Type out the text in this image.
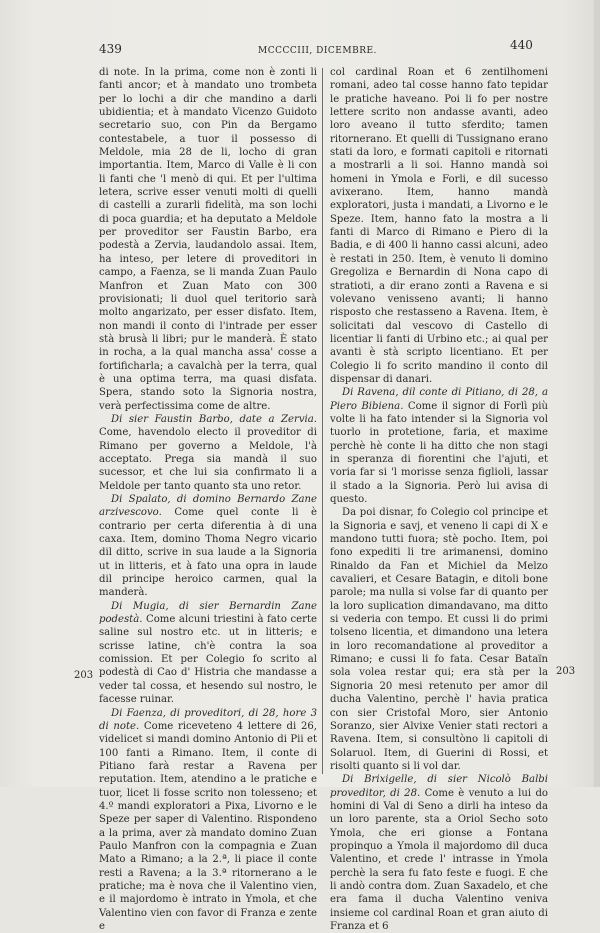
439	MCCCCIII, DICEMBRE.	440

di note. In la prima, come non è zonti li fanti ancor; et à mandato uno trombeta per lo lochi a dir che mandino a darli ubidientia; et à mandato Vicenzo Guidoto secretario suo, con Pin da Bergamo contestabele, a tuor il possesso di Meldole, mia 28 de li, locho di gran importantia. Item, Marco di Valle è li con li fanti che 'l menò di qui. Et per l'ultima letera, scrive esser venuti molti di quelli di castelli a zurarli fidelità, ma son lochi di poca guardia; et ha deputato a Meldole per proveditor ser Faustin Barbo, era podestà a Zervia, laudandolo assai. Item, ha inteso, per letere di proveditori in campo, a Faenza, se li manda Zuan Paulo Manfron et Zuan Mato con 300 provisionati; li duol quel teritorio sarà molto angarizato, per esser disfato. Item, non mandi il conto di l'intrade per esser stà brusà li libri; pur le manderà. È stato in rocha, a la qual mancha assa' cosse a fortificharla; a cavalchà per la terra, qual è una optima terra, ma quasi disfata. Spera, stando soto la Signoria nostra, verà perfectissima come de altre.

Di sier Faustin Barbo, date a Zervia. Come, havendolo electo il proveditor di Rimano per governo a Meldole, l'à acceptato. Prega sia mandà il suo sucessor, et che lui sia confirmato li a Meldole per tanto quanto sta uno retor.

Di Spalato, di domino Bernardo Zane arzivescovo. Come quel conte li è contrario per certa diferentia à di una caxa. Item, domino Thoma Negro vicario dil ditto, scrive in sua laude a la Signoria ut in litteris, et à fato una opra in laude dil principe heroico carmen, qual la manderà.

Di Mugia, di sier Bernardin Zane podestà. Come alcuni triestini à fato certe saline sul nostro etc. ut in litteris; e scrisse latine, ch'è contra la soa comission. Et per Colegio fo scrito al podestà di Cao d' Histria che mandasse a veder tal cossa, et hesendo sul nostro, le facesse ruinar.

Di Faenza, di proveditori, di 28, hore 3 di note. Come riceveteno 4 lettere di 26, videlicet si mandi domino Antonio di Pii et 100 fanti a Rimano. Item, il conte di Pitiano farà restar a Ravena per reputation. Item, atendino a le pratiche e tuor, licet li fosse scrito non tolesseno; et 4.º mandi exploratori a Pixa, Livorno e le Speze per saper di Valentino. Rispondeno a la prima, aver zà mandato domino Zuan Paulo Manfron con la compagnia e Zuan Mato a Rimano; a la 2.ª, li piace il conte resti a Ravena; a la 3.ª ritornerano a le pratiche; ma è nova che il Valentino vien, e il majordomo è intrato in Ymola, et che Valentino vien con favor di Franza e zente e

col cardinal Roan et 6 zentilhomeni romani, adeo tal cosse hanno fato tepidar le pratiche haveano. Poi li fo per nostre lettere scrito non andasse avanti, adeo loro aveano il tutto sferdito; tamen ritornerano. Et quelli di Tussignano erano stati da loro, e formati capitoli e ritornati a mostrarli a li soi. Hanno mandà soi homeni in Ymola e Forli, e dil sucesso avixerano. Item, hanno mandà exploratori, justa i mandati, a Livorno e le Speze. Item, hanno fato la mostra a li fanti di Marco di Rimano e Piero di la Badia, e di 400 li hanno cassi alcuni, adeo è restati in 250. Item, è venuto li domino Gregoliza e Bernardin di Nona capo di stratioti, a dir erano zonti a Ravena e si volevano venisseno avanti; li hanno risposto che restasseno a Ravena. Item, è solicitati dal vescovo di Castello di licentiar li fanti di Urbino etc.; ai qual per avanti è stà scripto licentiano. Et per Colegio li fo scrito mandino il conto dil dispensar di danari.

Di Ravena, dil conte di Pitiano, di 28, a Piero Bibiena. Come il signor di Forlì più volte li ha fato intender si la Signoria vol tuorlo in protetione, faria, et maxime perchè hè conte li ha ditto che non stagi in speranza di fiorentini che l'ajuti, et voria far si 'l morisse senza figlioli, lassar il stado a la Signoria. Però lui avisa di questo.

Da poi disnar, fo Colegio col principe et la Signoria e savj, et veneno li capi di X e mandono tutti fuora; stè pocho. Item, poi fono expediti li tre arimanensi, domino Rinaldo da Fan et Michiel da Melzo cavalieri, et Cesare Batagin, e ditoli bone parole; ma nulla si volse far di quanto per la loro suplication dimandavano, ma ditto si vederia con tempo. Et cussi li do primi tolseno licentia, et dimandono una letera in loro recomandatione al proveditor a Rimano; e cussi li fo fata. Cesar Bataïn sola volea restar qui; era stà per la Signoria 20 mesi retenuto per amor dil ducha Valentino, perchè l' havia pratica con sier Cristofal Moro, sier Antonio Soranzo, sier Alvixe Venier stati rectori a Ravena. Item, si consultòno li capitoli di Solaruol. Item, di Guerini di Rossi, et risolti quanto si li vol dar.

Di Brixigelle, di sier Nicolò Balbi proveditor, di 28. Come è venuto a lui do homini di Val di Seno a dirli ha inteso da un loro parente, sta a Oriol Secho soto Ymola, che eri gionse a Fontana propinquo a Ymola il majordomo dil duca Valentino, et crede l' intrasse in Ymola perchè la sera fu fato feste e fuogi. E che li andò contra dom. Zuan Saxadelo, et che era fama il ducha Valentino veniva insieme col cardinal Roan et gran aiuto di Franza et 6

203	203
